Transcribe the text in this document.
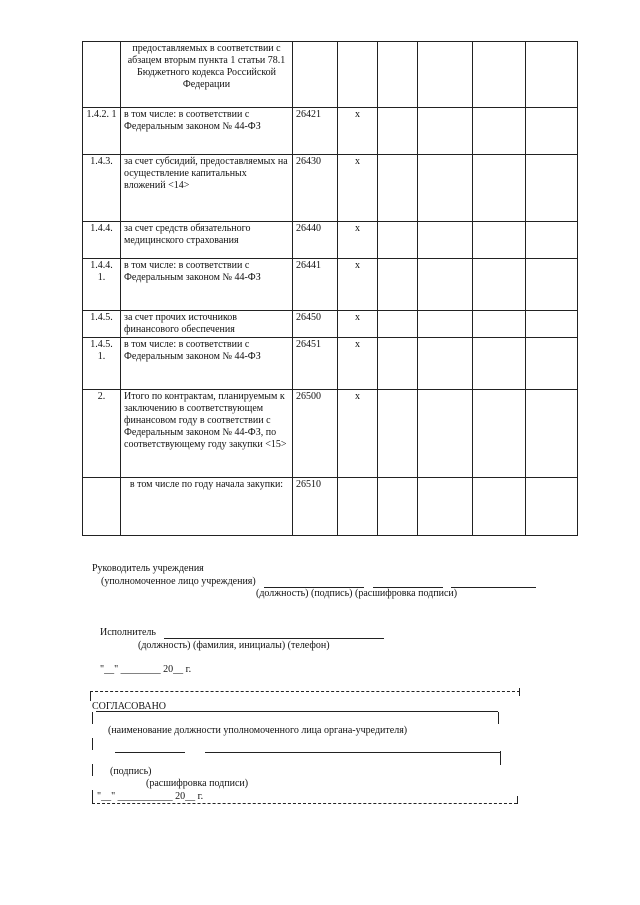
	предоставляемых в соответствии с абзацем вторым пункта 1 статьи 78.1 Бюджетного кодекса Российской Федерации						
1.4.2. 1	в том числе: в соответствии с Федеральным законом № 44-ФЗ	26421	x				
1.4.3.	за счет субсидий, предоставляемых на осуществление капитальных вложений <14>	26430	x				
1.4.4.	за счет средств обязательного медицинского страхования	26440	x				
1.4.4. 1.	в том числе: в соответствии с Федеральным законом № 44-ФЗ	26441	x				
1.4.5.	за счет прочих источников финансового обеспечения	26450	x				
1.4.5. 1.	в том числе: в соответствии с Федеральным законом № 44-ФЗ	26451	x				
2.	Итого по контрактам, планируемым к заключению в соответствующем финансовом году в соответствии с Федеральным законом № 44-ФЗ, по соответствующему году закупки <15>	26500	x				
	в том числе по году начала закупки:	26510					
Руководитель учреждения
(уполномоченное лицо учреждения)
(должность) (подпись) (расшифровка подписи)
Исполнитель
(должность) (фамилия, инициалы) (телефон)
"__" ________ 20__ г.
СОГЛАСОВАНО
(наименование должности уполномоченного лица органа-учредителя)
(подпись)
(расшифровка подписи)
"__" ___________ 20__ г.
